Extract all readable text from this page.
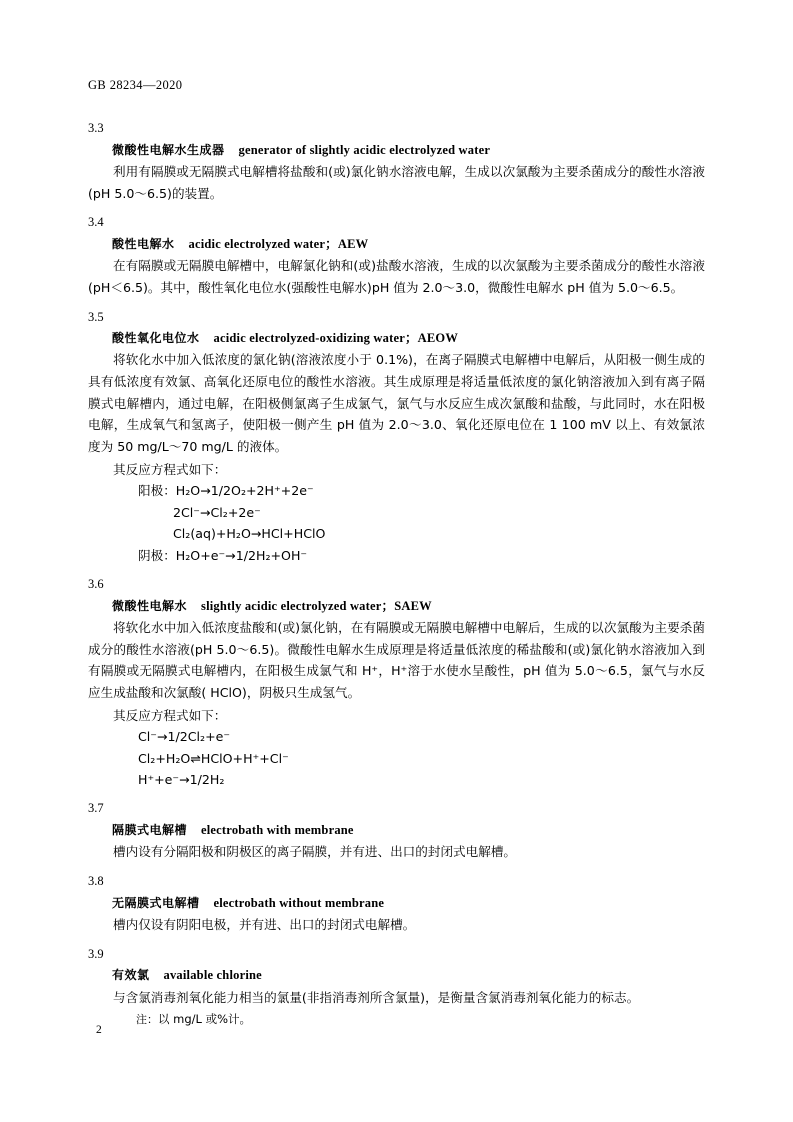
GB 28234—2020
3.3
微酸性电解水生成器 generator of slightly acidic electrolyzed water
利用有隔膜或无隔膜式电解槽将盐酸和(或)氯化钠水溶液电解，生成以次氯酸为主要杀菌成分的酸性水溶液(pH 5.0～6.5)的装置。
3.4
酸性电解水 acidic electrolyzed water；AEW
在有隔膜或无隔膜电解槽中，电解氯化钠和(或)盐酸水溶液，生成的以次氯酸为主要杀菌成分的酸性水溶液(pH＜6.5)。其中，酸性氧化电位水(强酸性电解水)pH 值为 2.0～3.0，微酸性电解水 pH 值为 5.0～6.5。
3.5
酸性氧化电位水 acidic electrolyzed-oxidizing water；AEOW
将软化水中加入低浓度的氯化钠(溶液浓度小于 0.1%)，在离子隔膜式电解槽中电解后，从阳极一侧生成的具有低浓度有效氯、高氧化还原电位的酸性水溶液。其生成原理是将适量低浓度的氯化钠溶液加入到有离子隔膜式电解槽内，通过电解，在阳极侧氯离子生成氯气，氯气与水反应生成次氯酸和盐酸，与此同时，水在阳极电解，生成氧气和氢离子，使阳极一侧产生 pH 值为 2.0～3.0、氧化还原电位在 1 100 mV 以上、有效氯浓度为 50 mg/L～70 mg/L 的液体。
其反应方程式如下：
阳极：H₂O→1/2O₂+2H⁺+2e⁻
2Cl⁻→Cl₂+2e⁻
Cl₂(aq)+H₂O→HCl+HClO
阴极：H₂O+e⁻→1/2H₂+OH⁻
3.6
微酸性电解水 slightly acidic electrolyzed water；SAEW
将软化水中加入低浓度盐酸和(或)氯化钠，在有隔膜或无隔膜电解槽中电解后，生成的以次氯酸为主要杀菌成分的酸性水溶液(pH 5.0～6.5)。微酸性电解水生成原理是将适量低浓度的稀盐酸和(或)氯化钠水溶液加入到有隔膜或无隔膜式电解槽内，在阳极生成氯气和 H⁺，H⁺溶于水使水呈酸性，pH 值为 5.0～6.5，氯气与水反应生成盐酸和次氯酸( HClO)，阴极只生成氢气。
其反应方程式如下：
Cl⁻→1/2Cl₂+e⁻
Cl₂+H₂O⇌HClO+H⁺+Cl⁻
H⁺+e⁻→1/2H₂
3.7
隔膜式电解槽 electrobath with membrane
槽内设有分隔阳极和阴极区的离子隔膜，并有进、出口的封闭式电解槽。
3.8
无隔膜式电解槽 electrobath without membrane
槽内仅设有阴阳电极，并有进、出口的封闭式电解槽。
3.9
有效氯 available chlorine
与含氯消毒剂氧化能力相当的氯量(非指消毒剂所含氯量)，是衡量含氯消毒剂氧化能力的标志。
注：以 mg/L 或%计。
2
